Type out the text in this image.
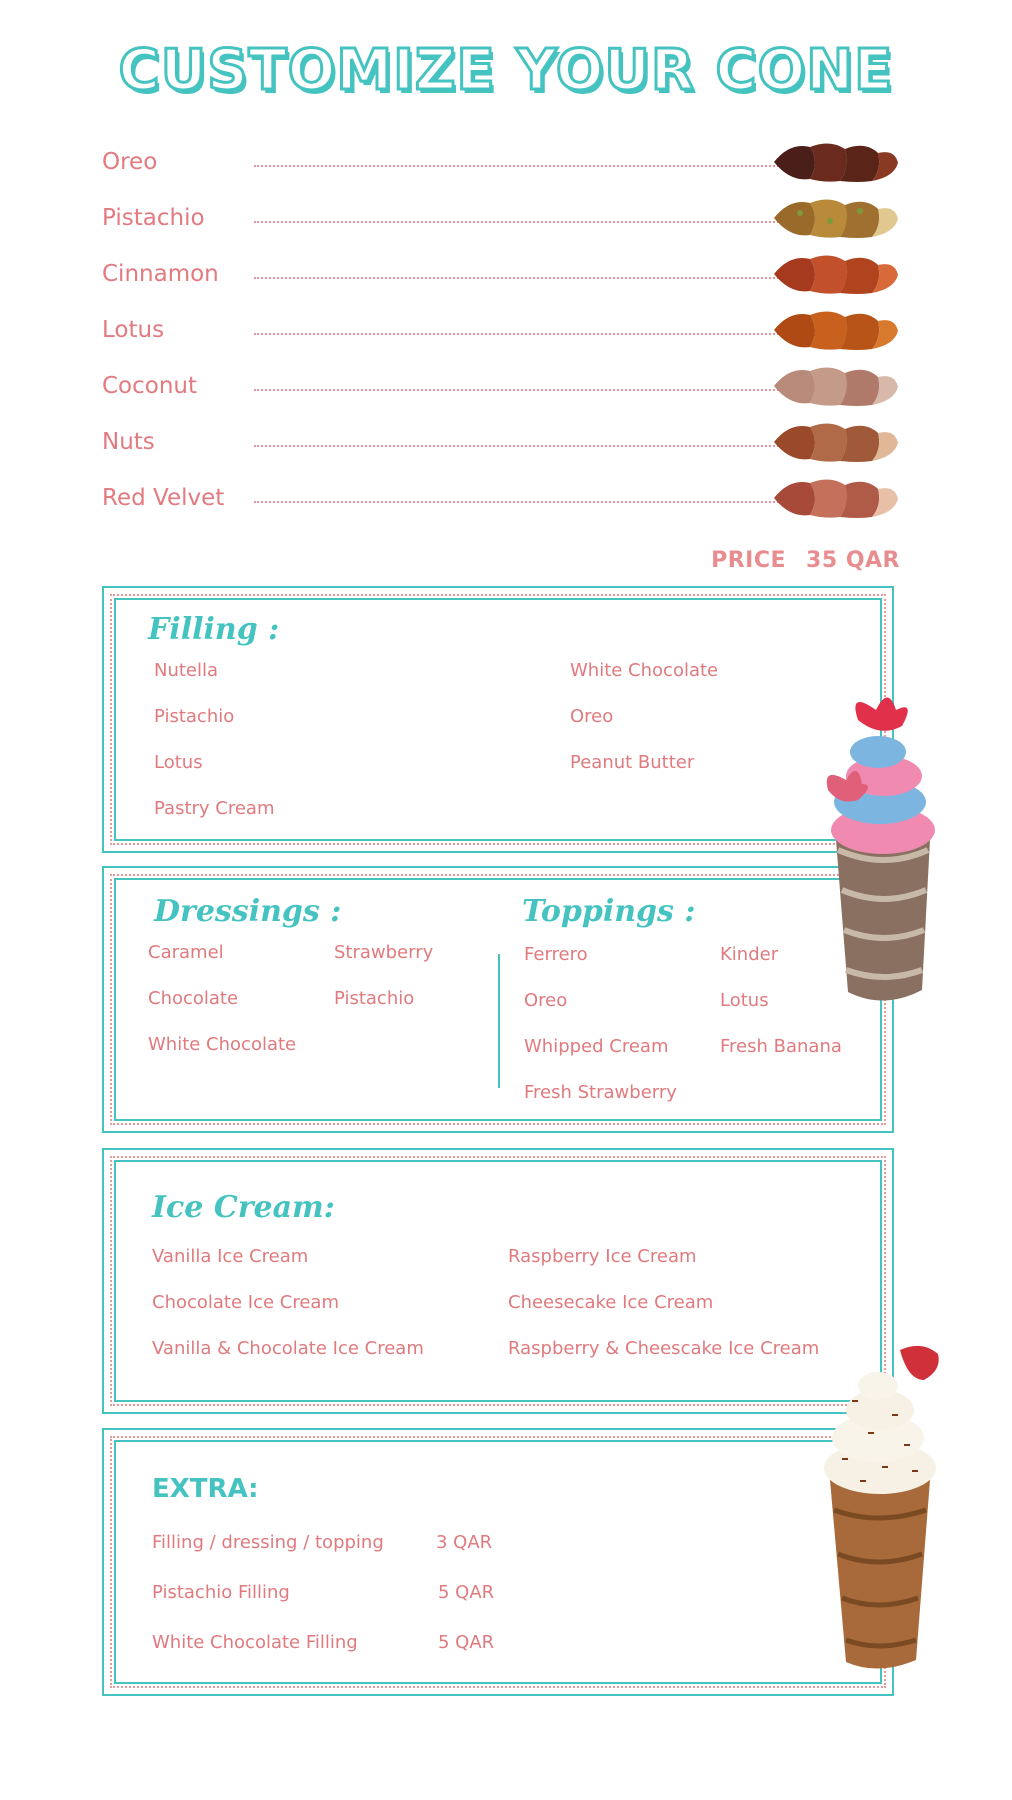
CUSTOMIZE YOUR CONE
Oreo
Pistachio
Cinnamon
Lotus
Coconut
Nuts
Red Velvet
PRICE 35 QAR
Filling :
Nutella
Pistachio
Lotus
Pastry Cream
White Chocolate
Oreo
Peanut Butter
Dressings :
Caramel
Chocolate
White Chocolate
Strawberry
Pistachio
Toppings :
Ferrero
Oreo
Whipped Cream
Fresh Strawberry
Kinder
Lotus
Fresh Banana
Ice Cream:
Vanilla Ice Cream
Chocolate Ice Cream
Vanilla & Chocolate Ice Cream
Raspberry Ice Cream
Cheesecake Ice Cream
Raspberry & Cheescake Ice Cream
EXTRA:
Filling / dressing / topping	3 QAR
Pistachio Filling	5 QAR
White Chocolate Filling	5 QAR
